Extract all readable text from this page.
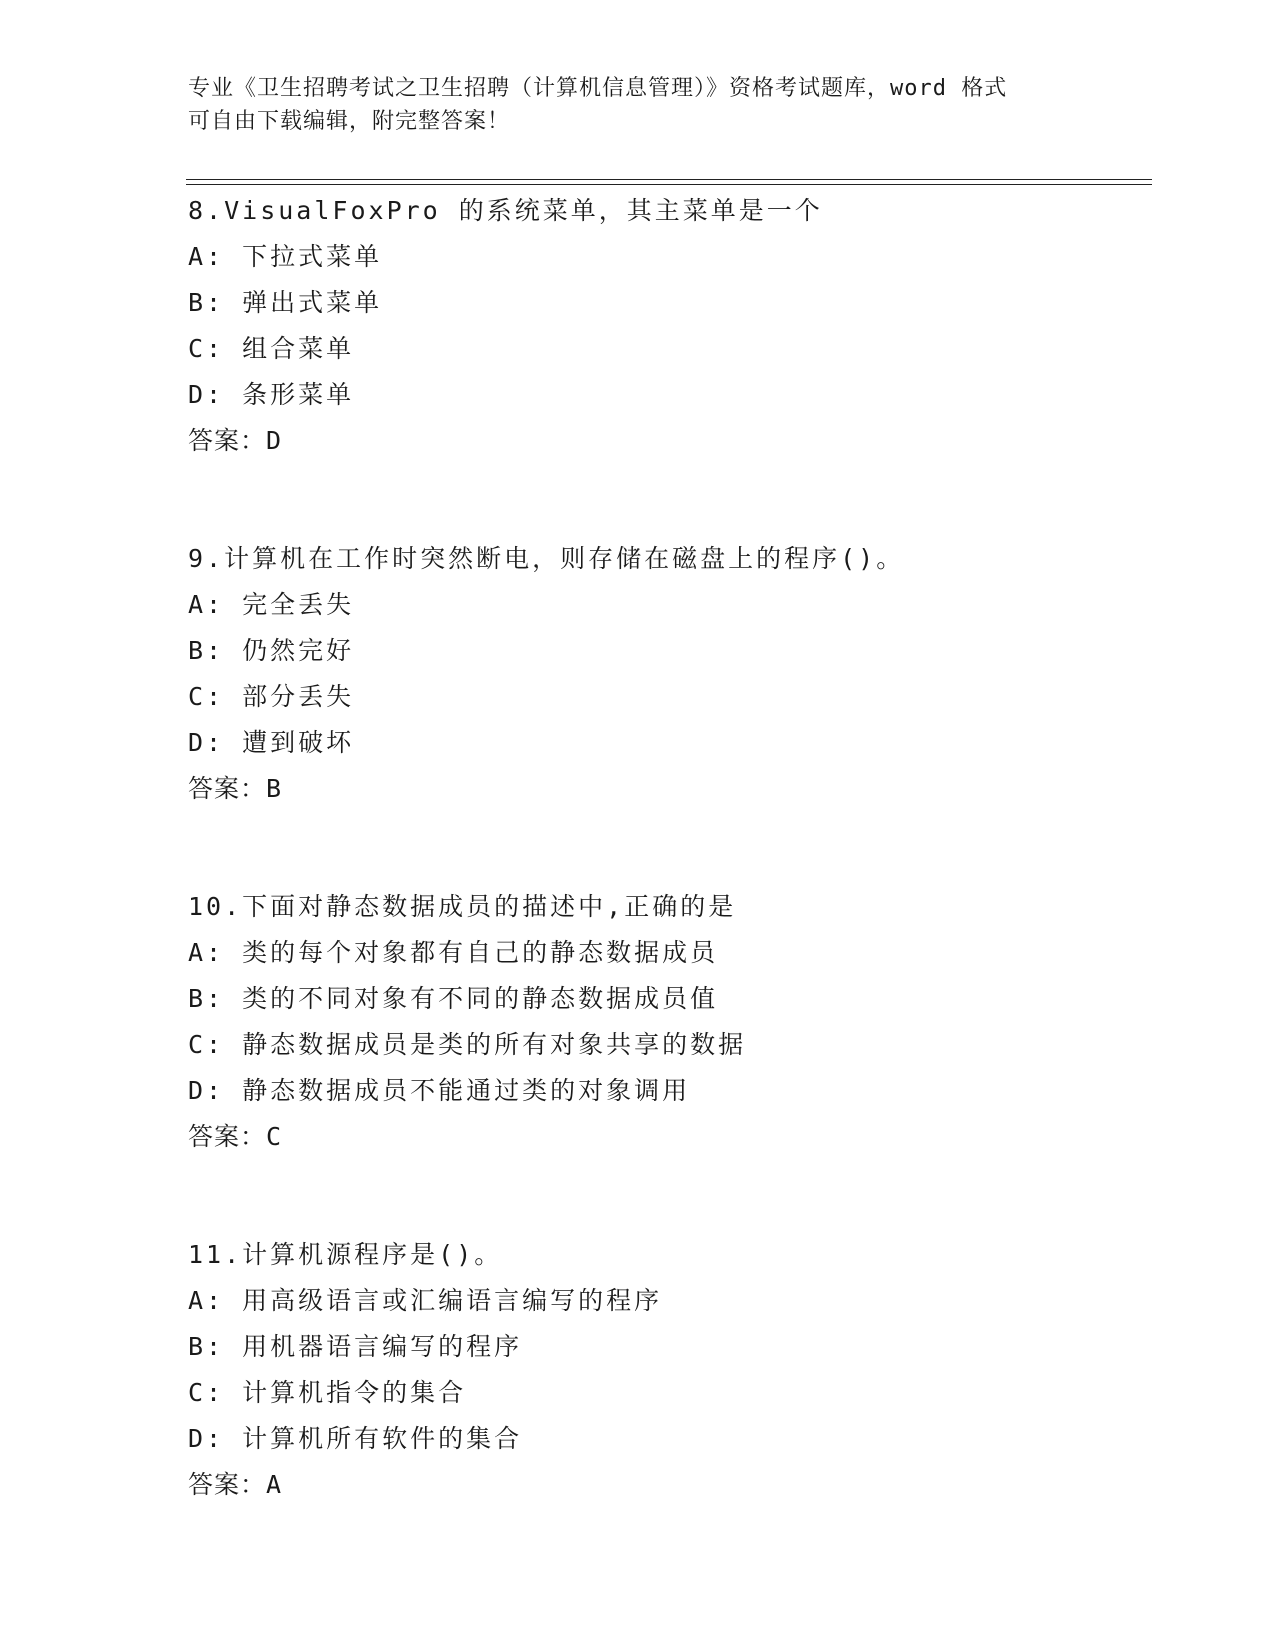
专业《卫生招聘考试之卫生招聘（计算机信息管理）》资格考试题库，word 格式
可自由下载编辑，附完整答案！
8.VisualFoxPro 的系统菜单，其主菜单是一个
A: 下拉式菜单
B: 弹出式菜单
C: 组合菜单
D: 条形菜单
答案：D
9.计算机在工作时突然断电，则存储在磁盘上的程序()。
A: 完全丢失
B: 仍然完好
C: 部分丢失
D: 遭到破坏
答案：B
10.下面对静态数据成员的描述中,正确的是
A: 类的每个对象都有自己的静态数据成员
B: 类的不同对象有不同的静态数据成员值
C: 静态数据成员是类的所有对象共享的数据
D: 静态数据成员不能通过类的对象调用
答案：C
11.计算机源程序是()。
A: 用高级语言或汇编语言编写的程序
B: 用机器语言编写的程序
C: 计算机指令的集合
D: 计算机所有软件的集合
答案：A
